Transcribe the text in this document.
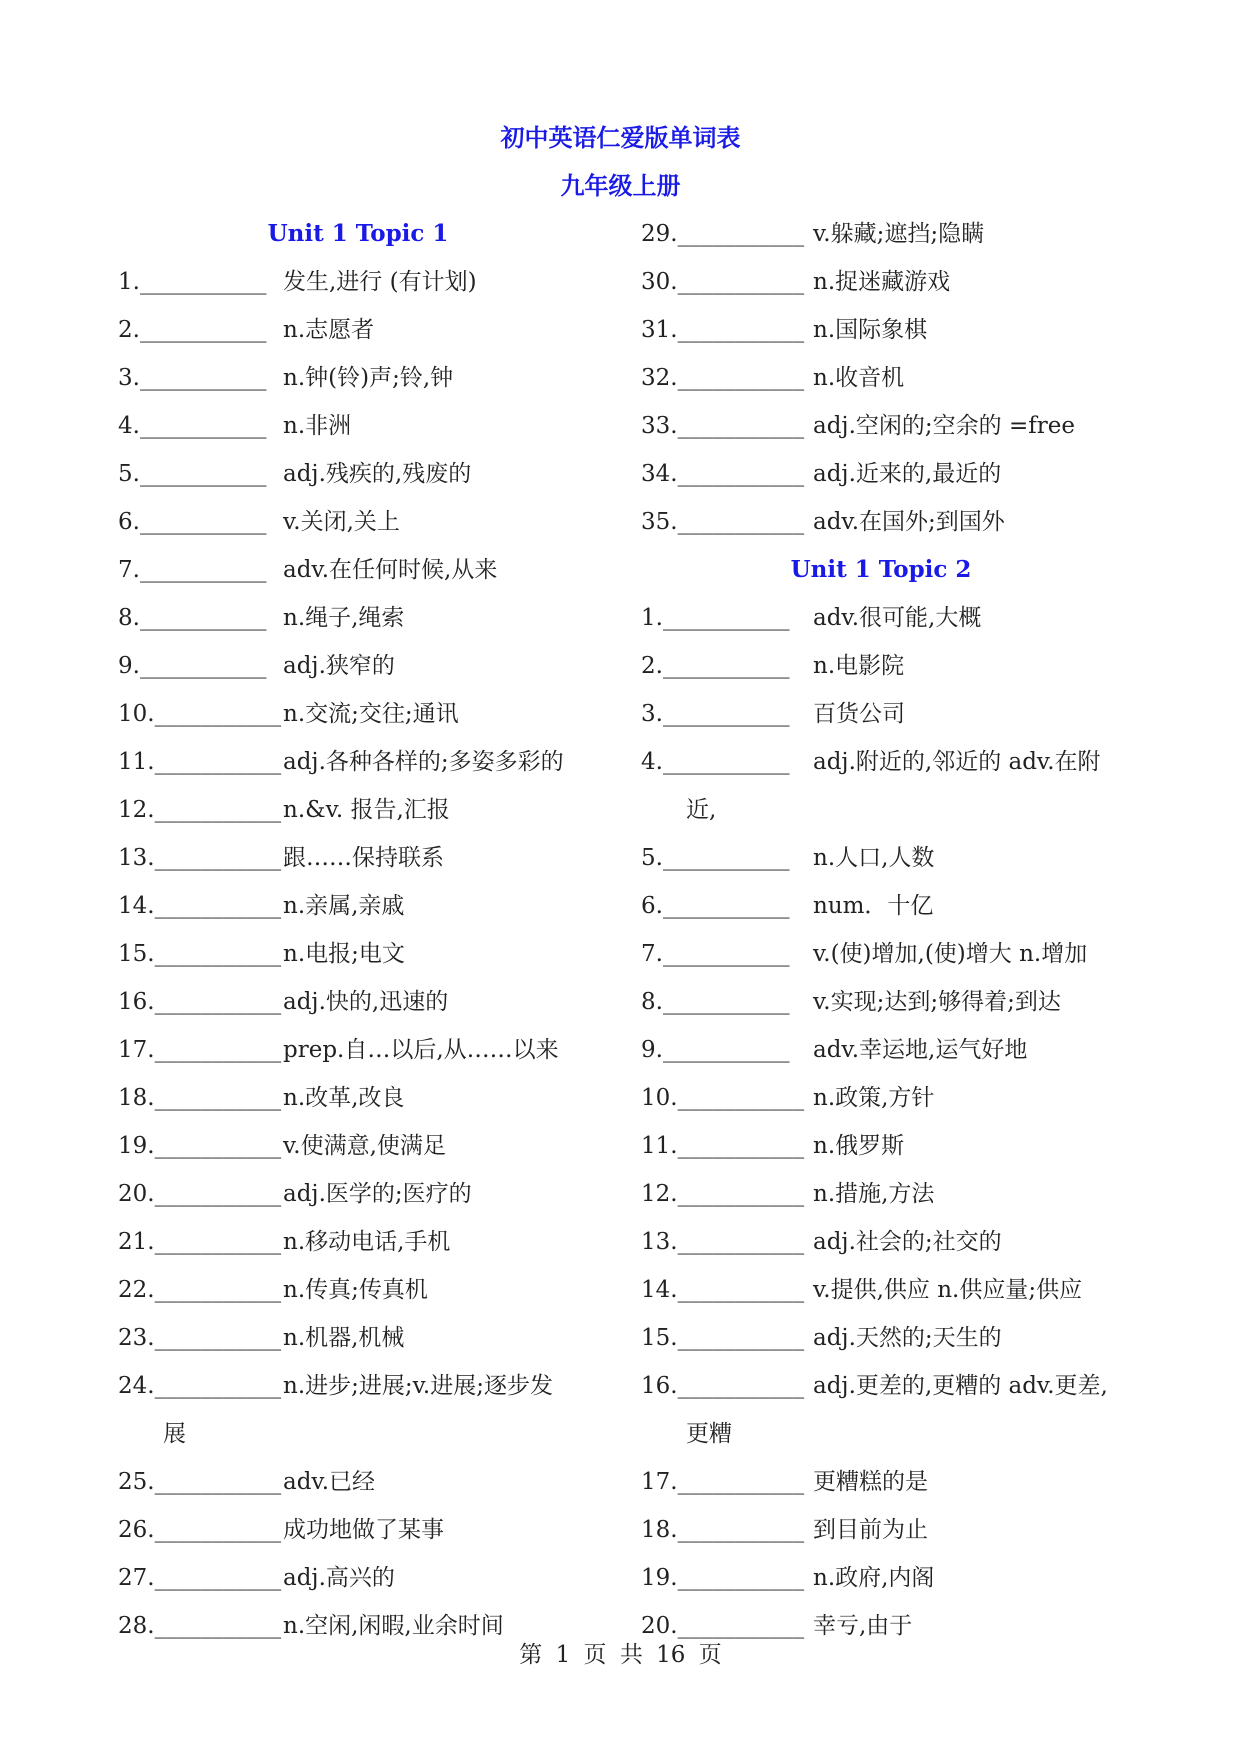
初中英语仁爱版单词表
九年级上册
Unit 1 Topic 1
1.___________ 发生,进行 (有计划)
2.___________ n.志愿者
3.___________ n.钟(铃)声;铃,钟
4.___________ n.非洲
5.___________ adj.残疾的,残废的
6.___________ v.关闭,关上
7.___________ adv.在任何时候,从来
8.___________ n.绳子,绳索
9.___________ adj.狭窄的
10.___________ n.交流;交往;通讯
11.___________ adj.各种各样的;多姿多彩的
12.___________ n.&v. 报告,汇报
13.___________ 跟……保持联系
14.___________ n.亲属,亲戚
15.___________ n.电报;电文
16.___________ adj.快的,迅速的
17.___________ prep.自…以后,从……以来
18.___________ n.改革,改良
19.___________ v.使满意,使满足
20.___________ adj.医学的;医疗的
21.___________ n.移动电话,手机
22.___________ n.传真;传真机
23.___________ n.机器,机械
24.___________ n.进步;进展;v.进展;逐步发
展
25.___________ adv.已经
26.___________ 成功地做了某事
27.___________ adj.高兴的
28.___________ n.空闲,闲暇,业余时间
29.___________ v.躲藏;遮挡;隐瞒
30.___________ n.捉迷藏游戏
31.___________ n.国际象棋
32.___________ n.收音机
33.___________ adj.空闲的;空余的 =free
34.___________ adj.近来的,最近的
35.___________ adv.在国外;到国外
Unit 1 Topic 2
1.___________ adv.很可能,大概
2.___________ n.电影院
3.___________ 百货公司
4.___________ adj.附近的,邻近的 adv.在附
近,
5.___________ n.人口,人数
6.___________ num．十亿
7.___________ v.(使)增加,(使)增大 n.增加
8.___________ v.实现;达到;够得着;到达
9.___________ adv.幸运地,运气好地
10.___________ n.政策,方针
11.___________ n.俄罗斯
12.___________ n.措施,方法
13.___________ adj.社会的;社交的
14.___________ v.提供,供应 n.供应量;供应
15.___________ adj.天然的;天生的
16.___________ adj.更差的,更糟的 adv.更差,
更糟
17.___________ 更糟糕的是
18.___________ 到目前为止
19.___________ n.政府,内阁
20.___________ 幸亏,由于
第 1 页 共 16 页
